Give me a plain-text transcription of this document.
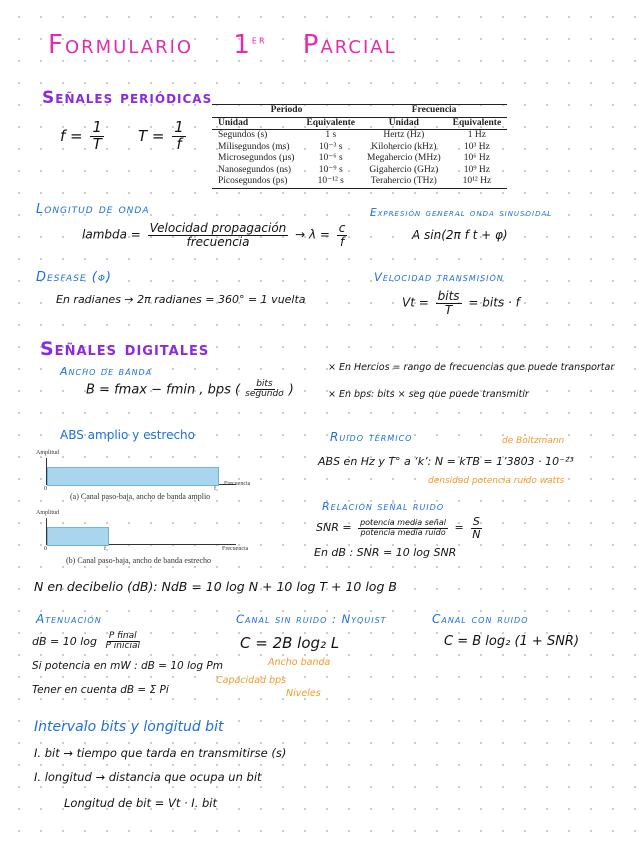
Formulario 1er Parcial
Señales periódicas
$f = \frac{1}{T}$ $T = \frac{1}{f}$
Periodo		Frecuencia	
Unidad	Equivalente	Unidad	Equivalente
Segundos (s)	1 s	Hertz (Hz)	1 Hz
Milisegundos (ms)	10⁻³ s	Kilohercio (kHz)	10³ Hz
Microsegundos (µs)	10⁻⁶ s	Megahercio (MHz)	10⁶ Hz
Nanosegundos (ns)	10⁻⁹ s	Gigahercio (GHz)	10⁹ Hz
Picosegundos (ps)	10⁻¹² s	Terahercio (THz)	10¹² Hz
Longitud de onda
lambda = $\frac{\text{Velocidad propagación}}{\text{frecuencia}} \to \lambda = \frac{c}{f}$
Expresión general onda sinusoidal
A sin(2π f t + φ)
Desfase (φ)
En radianes → 2π radianes = 360° = 1 vuelta
Velocidad transmisión
$Vt = \frac{\text{bits}}{T}$ = bits · f
Señales digitales
Ancho de banda
B = fmax − fmin , bps ( $\frac{\text{bits}}{\text{segundo}}$ )
× En Hercios = rango de frecuencias que puede transportar
× En bps: bits × seg que puede transmitir
ABS amplio y estrecho
Amplitud
0	f₁
Frecuencia
(a) Canal paso-baja, ancho de banda amplio
Amplitud
0	f₁	Frecuencia
(b) Canal paso-baja, ancho de banda estrecho
Ruido térmico	de Boltzmann
ABS en Hz y T° a ‘k’: N = kTB = 1’3803 · 10⁻²³
densidad potencia ruido watts
Relación señal ruido
SNR = $\frac{\text{potencia media señal}}{\text{potencia media ruido}} = \frac{S}{N}$
En dB : SNR = 10 log SNR
N en decibelio (dB): NdB = 10 log N + 10 log T + 10 log B
Atenuación
dB = 10 $\log \frac{\text{P final}}{\text{P inicial}}$
Si potencia en mW : dB = 10 log Pm
Tener en cuenta dB = Σ Pi
Canal sin ruido : Nyquist
C = 2B log₂ L
Ancho banda
Capacidad bps
Niveles
Canal con ruido
C = B log₂ (1 + SNR)
Intervalo bits y longitud bit
I. bit → tiempo que tarda en transmitirse (s)
I. longitud → distancia que ocupa un bit
Longitud de bit = Vt · I. bit
